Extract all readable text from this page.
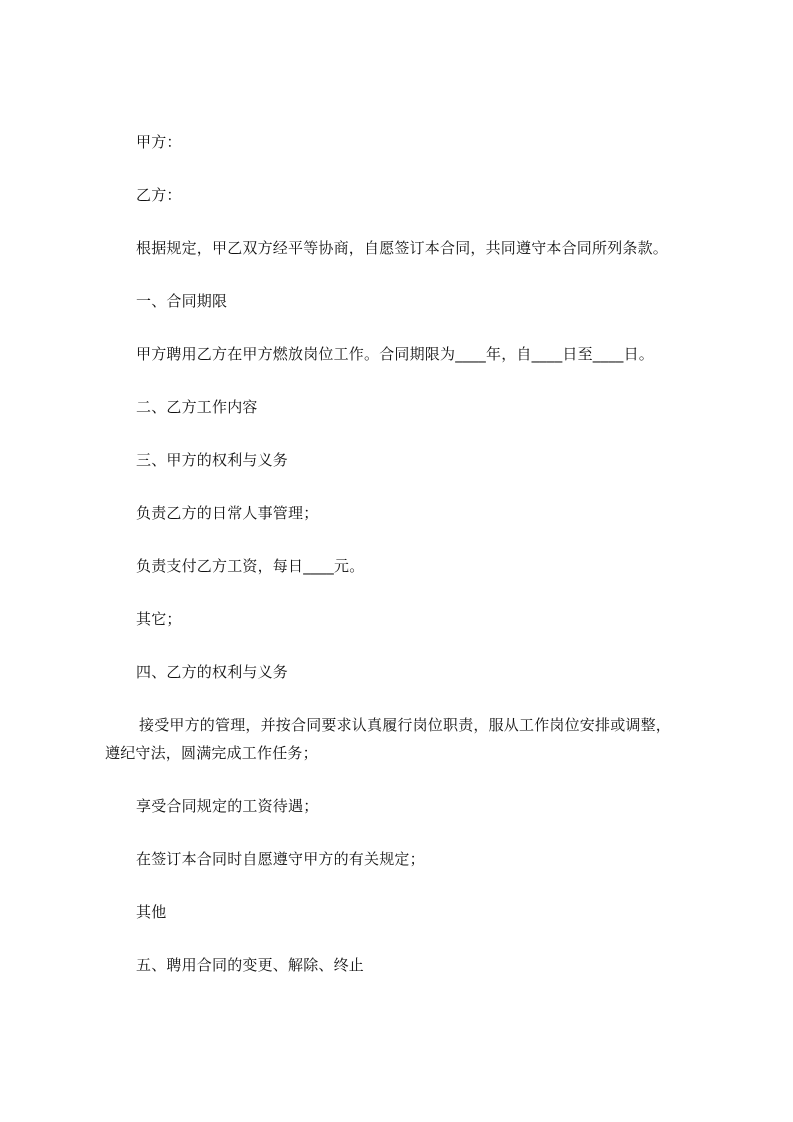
甲方：
乙方：
根据规定，甲乙双方经平等协商，自愿签订本合同，共同遵守本合同所列条款。
一、合同期限
甲方聘用乙方在甲方燃放岗位工作。合同期限为____年，自____日至____日。
二、乙方工作内容
三、甲方的权利与义务
负责乙方的日常人事管理；
负责支付乙方工资，每日____元。
其它；
四、乙方的权利与义务
接受甲方的管理，并按合同要求认真履行岗位职责，服从工作岗位安排或调整，
遵纪守法，圆满完成工作任务；
享受合同规定的工资待遇；
在签订本合同时自愿遵守甲方的有关规定；
其他
五、聘用合同的变更、解除、终止
